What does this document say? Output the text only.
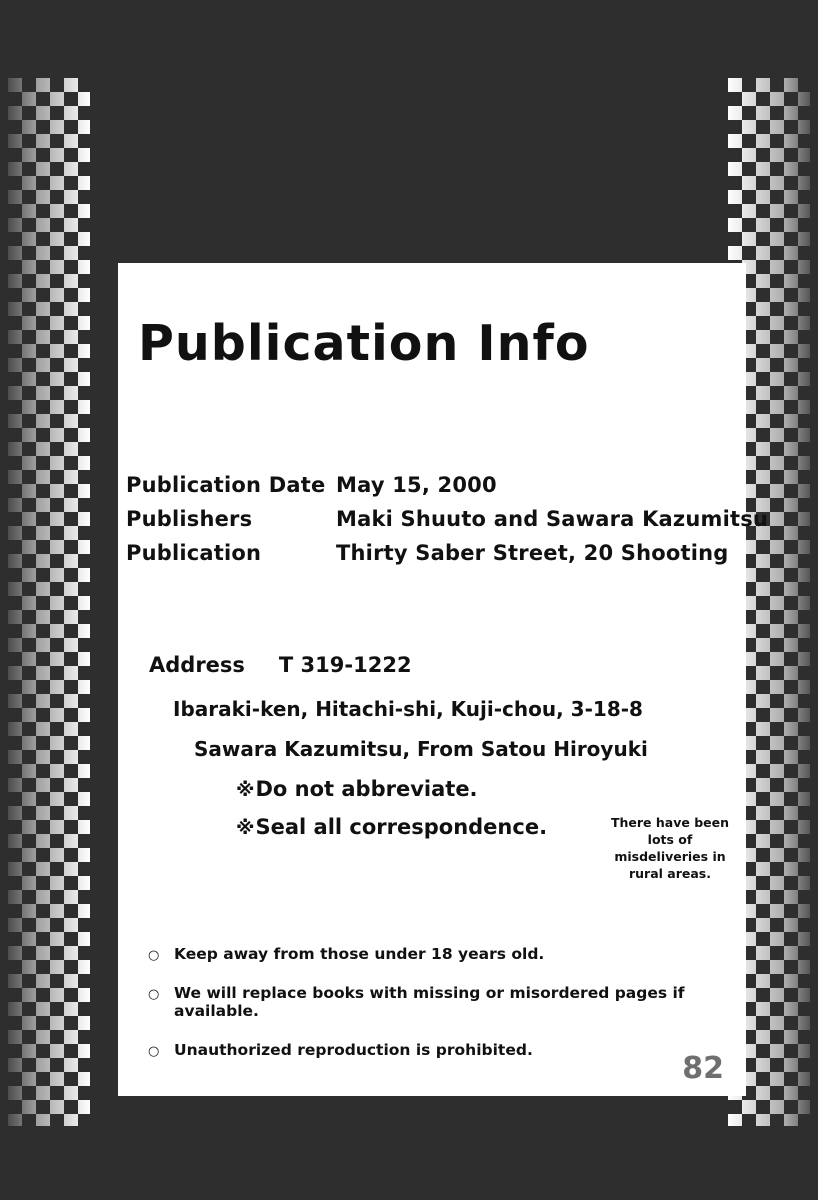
Publication Info
Publication Date May 15, 2000
Publishers	Maki Shuuto and Sawara Kazumitsu
Publication	Thirty Saber Street, 20 Shooting
Address T 319-1222
Ibaraki-ken, Hitachi-shi, Kuji-chou, 3-18-8
Sawara Kazumitsu, From Satou Hiroyuki
※Do not abbreviate.
※Seal all correspondence.	There have been lots of misdeliveries in rural areas.
○ Keep away from those under 18 years old.
○ We will replace books with missing or misordered pages if available.
○ Unauthorized reproduction is prohibited.
82
